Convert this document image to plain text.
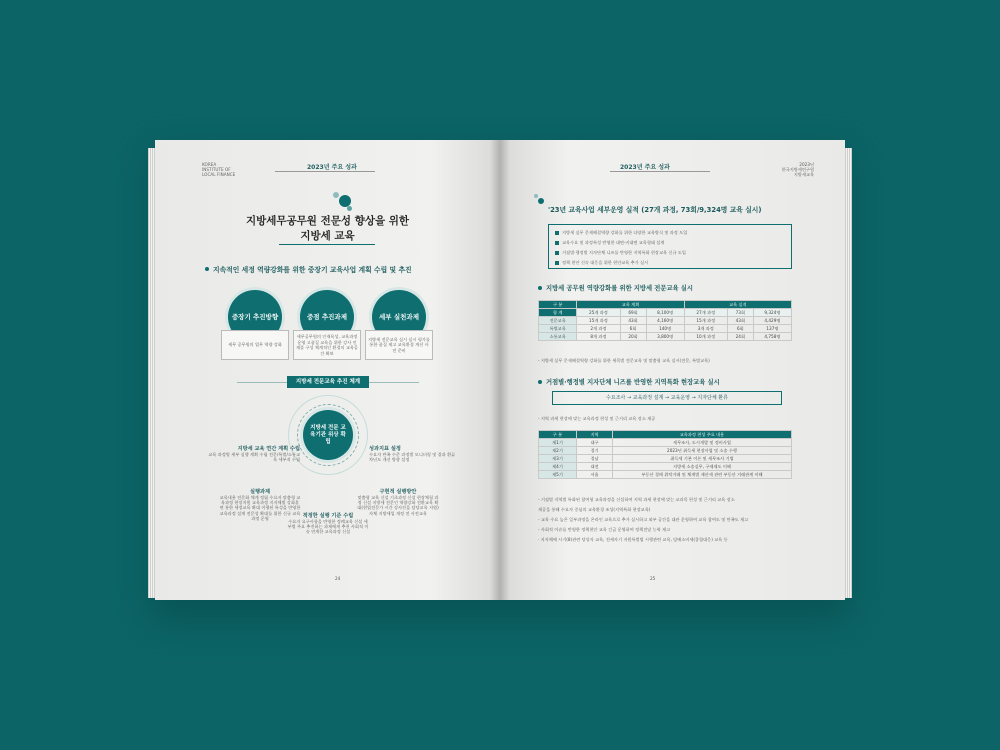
KOREA
INSTITUTE OF
LOCAL FINANCE
2023년 주요 성과
지방세무공무원 전문성 향상을 위한
지방세 교육
지속적인 세정 역량강화를 위한 중장기 교육사업 계획 수립 및 추진
중장기 추진방향	중점 추진과제	세부 실천과제
세무 공무원의 업무 역량 강화
세무공무원의 인재육성, 교육과정 운영 고품질 교육을 위한 강사 인재풀 구성 체계적인 환경의 교육공간 확보
지방세 전문교육 실시 실시 평가를 통한 품질 제고 교육환경 개선 사전 준비
지방세 전문교육 추진 체계
지방세 전문 교육기관 위상 확립
지방세 교육 연간 계획 수립
교육 과정별 세부 실행 계획 수립 전문/특별/소통교육 세부적 수립
성과지표 설정
수요자 만족 수준 과정별 모니터링 및 결과 환류 차년도 개선 방향 설정
실행과제
교육내용 전문화 체계 정립 수요자 맞춤형 교육과정 현장지원 교육과정 지자체별 강화훈련 통한 세정교육 확대 이행된 특성을 반영한 교육과정 설계 전문성 확대를 위한 신규 교육과정 운영
구현적 실행방안
맞춤형 교육 신설 기초과정 신설 현장체험 과정 신설 지방세 전문인 역량강화 전환교육 확대(현업전문가 시간 강사진을 담당교육 지원) 자체 지방세입 개정 전 사전교육
적정한 실행 기준 수립
수요자 요구사항을 반영한 정례교육 신설 세부별 주요 추진하는 과제에게 추천 사회적 이슈 연계한 교육과정 신설
24
2023년 주요 성과	2023년
한국지방세연구원
지방세교육
'23년 교육사업 세부운영 실적 (27개 과정, 73회/9,324명 교육 실시)
지방세 실무 문제해결역량 강화를 위한 다양한 교육방식 및 과정 도입
교육수요 및 과정특성 반영한 대면·비대면 교육형태 설계
거점별·행정별 지자단체 니즈를 반영한 지역특화 현장교육 신규 도입
정책 현안 신속 대응을 위한 현안교육 추가 실시
지방세 공무원 역량강화를 위한 지방세 전문교육 실시
구 분	교육 계획			교육 실적		
합 계	25개 과정	69회	8,100명	27개 과정	73회	9,324명
전문교육	15개 과정	43회	4,160명	15개 과정	43회	4,429명
특별교육	2개 과정	6회	140명	3개 과정	6회	137명
소통교육	8개 과정	20회	3,800명	10개 과정	24회	4,758명
- 지방세 실무 문제해결역량 강화를 위한 세목별 전문교육 및 맞춤형 교육 실시(전문, 특별교육)
거점별·행정별 지자단체 니즈를 반영한 지역특화 현장교육 실시
수요조사 → 교육과정 설계 → 교육운영 → 지자단체 환류
- 지역 과세 현장에 맞는 교육과정 편성 및 근거리 교육 장소 제공
구 분	지역	교육과정 편성 주요 내용
제1기	대구	세무조사, 도시개발 및 정비사업
제2기	경기	2023년 취득세 현장사업 및 소송 수행
제3기	경남	취득세 기본 이론 및 세무조사 기법
제4기	대전	지방세 소송실무, 구제제도 이해
제5기	서울	부동산 경매 위탁거래 및 체계별 재산세 관련 부동산 거래관계 이해
- 거점별 지역별 특화된 참여형 교육과정을 신설하여 지역 과세 현장에 맞는 교과목 편성 및 근거리 교육 장소
제공을 통해 수요자 중심의 교육환경 조성(지역특화 현장교육)
- 교육 수요 높은 일부과정을 온라인 교육으로 추가 실시하고 외부 공간을 대관 운영하여 교육 참여도 및 만족도 제고
- 사회적 이슈를 반영한 정책현안 교육 긴급 운영하여 정책전달 능력 제고
· 지자체에 시기(8)관련 당상자 교육, 전세사기 지원특별법 시행관련 교육, 담배소비세(종합대응) 교육 등
25
